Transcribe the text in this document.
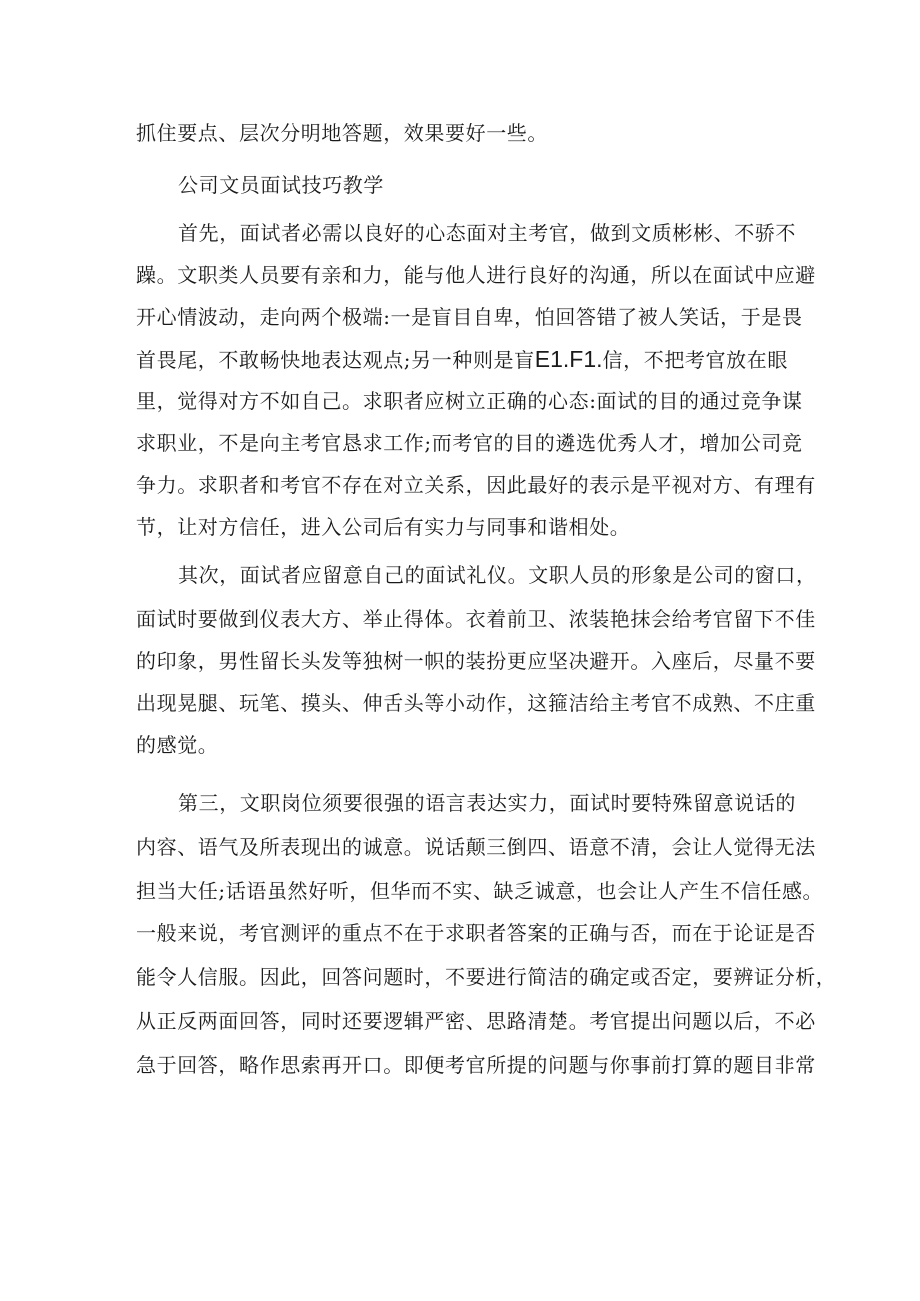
抓住要点、层次分明地答题，效果要好一些。

公司文员面试技巧教学

首先，面试者必需以良好的心态面对主考官，做到文质彬彬、不骄不

躁。文职类人员要有亲和力，能与他人进行良好的沟通，所以在面试中应避

开心情波动，走向两个极端:一是盲目自卑，怕回答错了被人笑话，于是畏

首畏尾，不敢畅快地表达观点;另一种则是盲E1.F1.信，不把考官放在眼

里，觉得对方不如自己。求职者应树立正确的心态:面试的目的通过竞争谋

求职业，不是向主考官恳求工作;而考官的目的遴选优秀人才，增加公司竞

争力。求职者和考官不存在对立关系，因此最好的表示是平视对方、有理有

节，让对方信任，进入公司后有实力与同事和谐相处。

其次，面试者应留意自己的面试礼仪。文职人员的形象是公司的窗口，

面试时要做到仪表大方、举止得体。衣着前卫、浓装艳抹会给考官留下不佳

的印象，男性留长头发等独树一帜的装扮更应坚决避开。入座后，尽量不要

出现晃腿、玩笔、摸头、伸舌头等小动作，这箍洁给主考官不成熟、不庄重

的感觉。

第三，文职岗位须要很强的语言表达实力，面试时要特殊留意说话的

内容、语气及所表现出的诚意。说话颠三倒四、语意不清，会让人觉得无法

担当大任;话语虽然好听，但华而不实、缺乏诚意，也会让人产生不信任感。

一般来说，考官测评的重点不在于求职者答案的正确与否，而在于论证是否

能令人信服。因此，回答问题时，不要进行简洁的确定或否定，要辨证分析，

从正反两面回答，同时还要逻辑严密、思路清楚。考官提出问题以后，不必

急于回答，略作思索再开口。即便考官所提的问题与你事前打算的题目非常
